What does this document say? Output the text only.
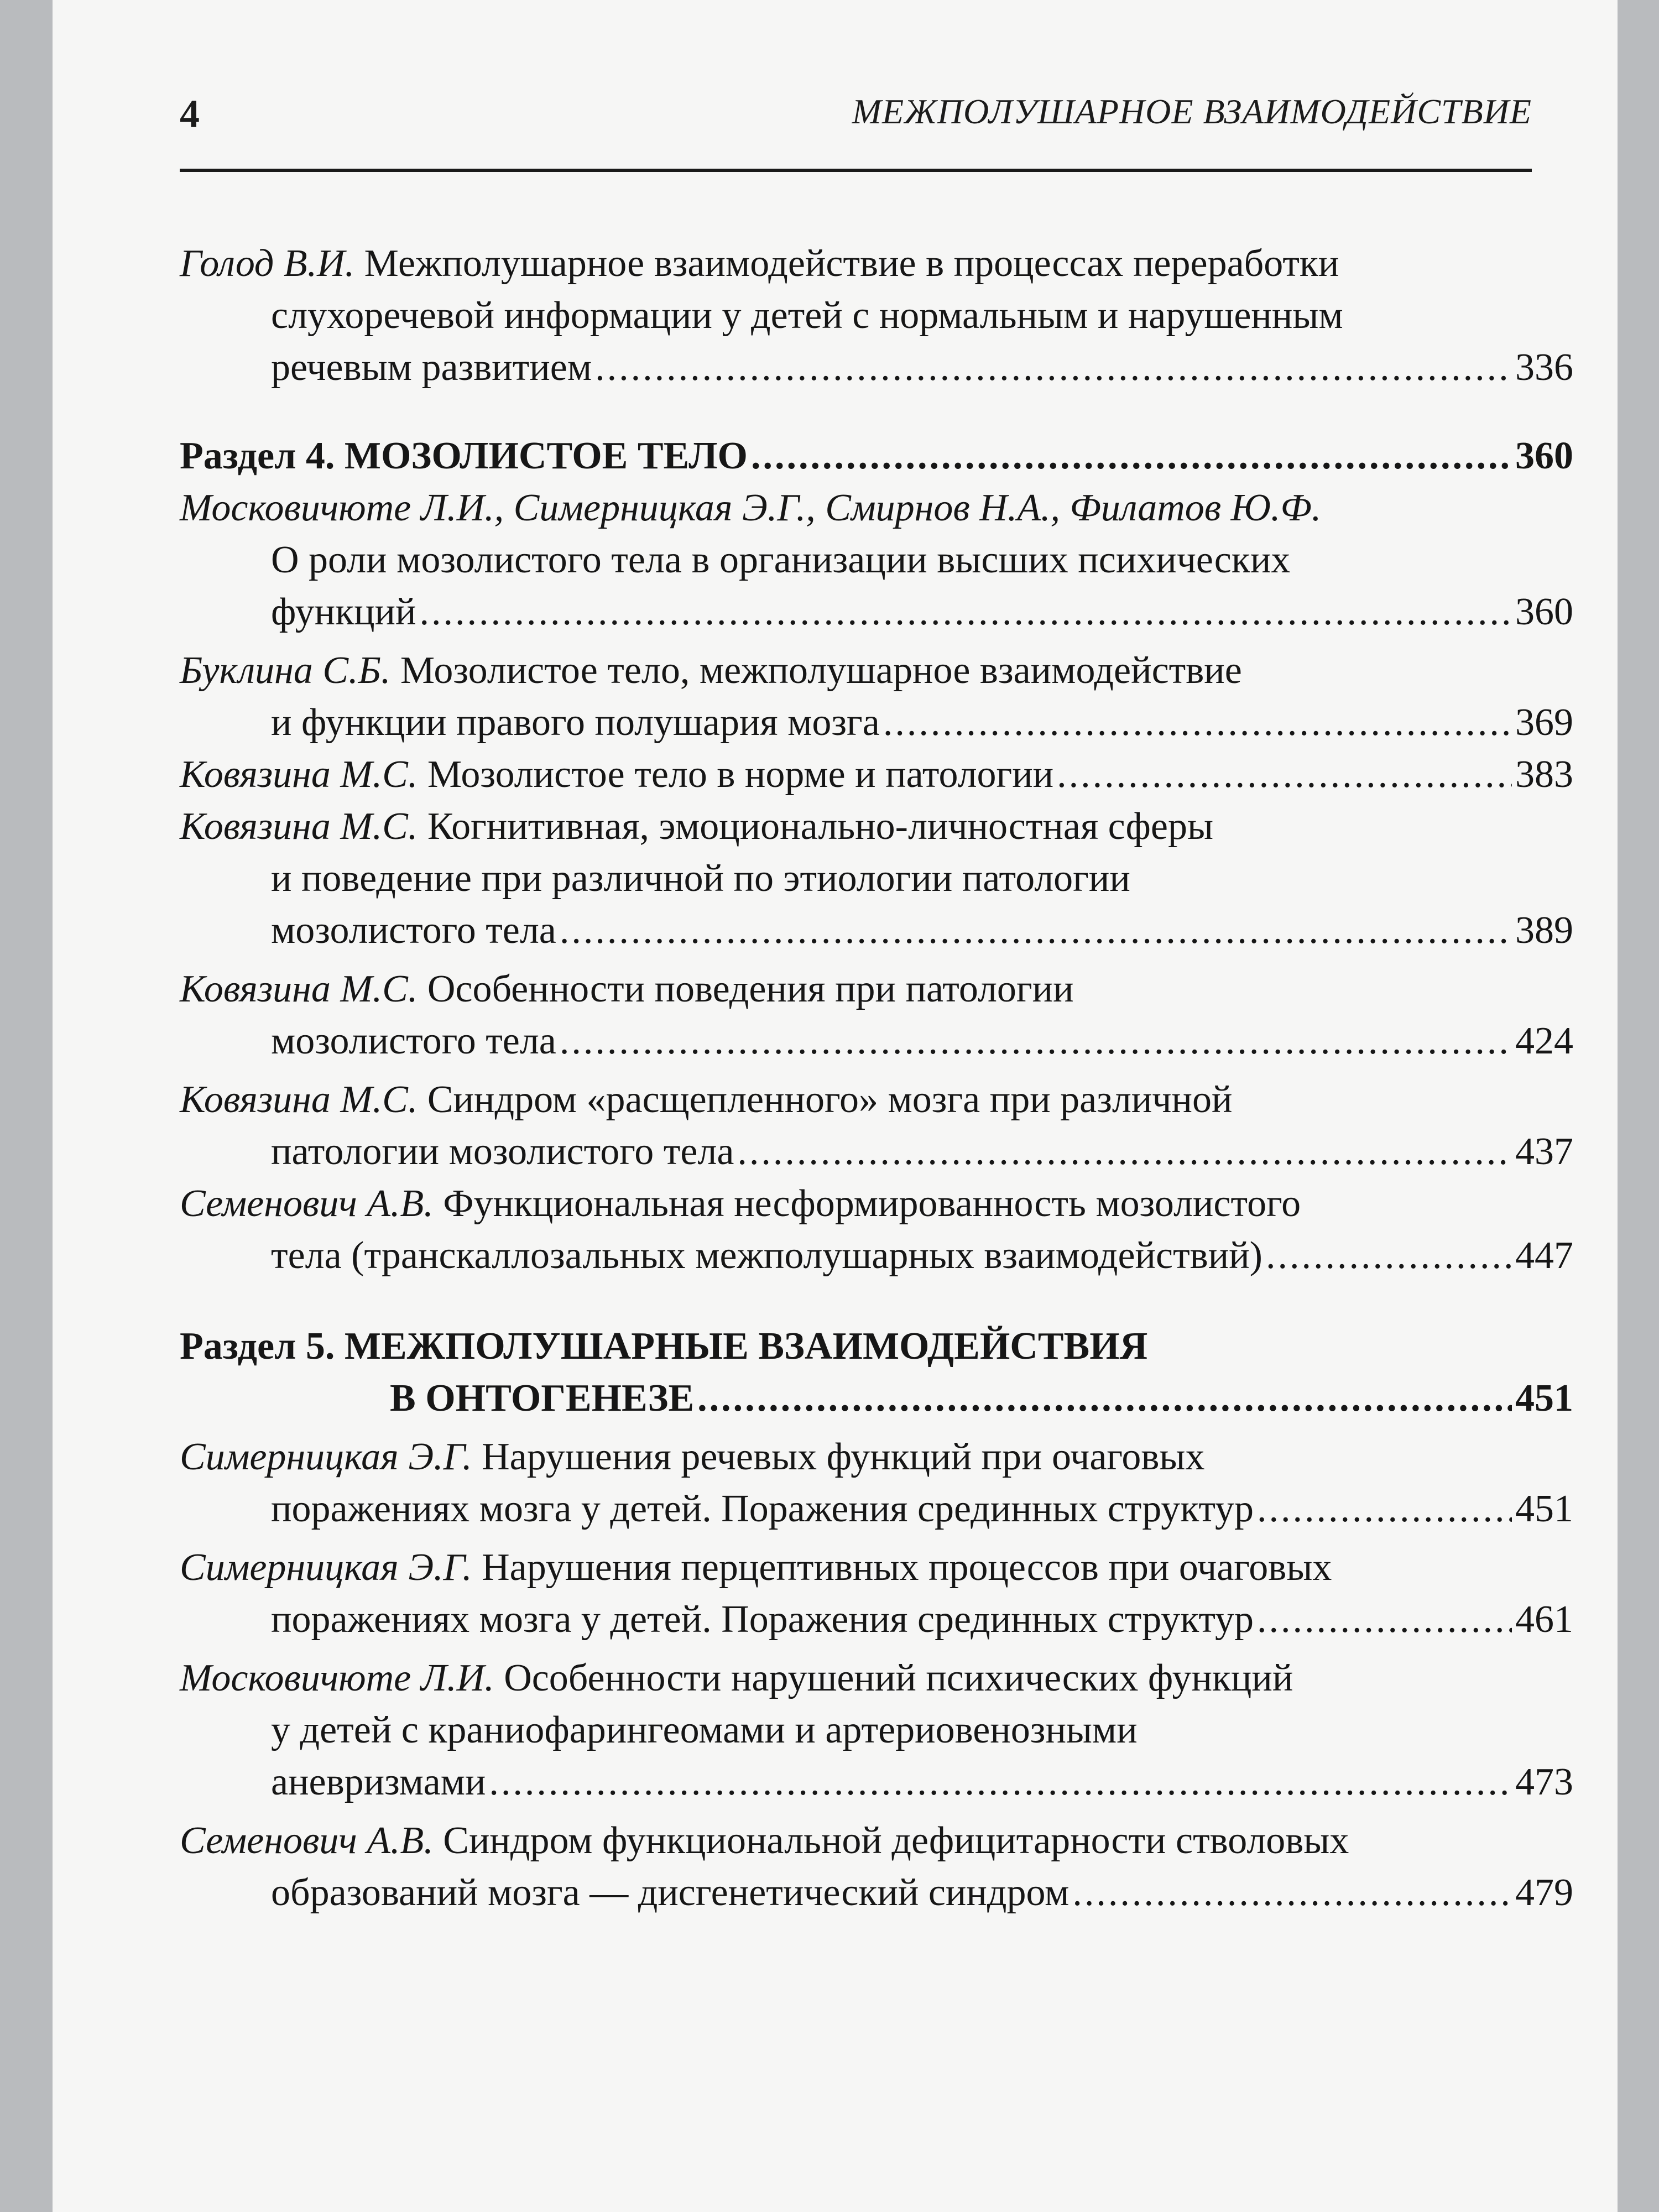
4	МЕЖПОЛУШАРНОЕ ВЗАИМОДЕЙСТВИЕ
Голод В.И. Межполушарное взаимодействие в процессах переработки
слухоречевой информации у детей с нормальным и нарушенным
речевым развитием .....	336
Раздел 4. МОЗОЛИСТОЕ ТЕЛО .....	360
Московичюте Л.И., Симерницкая Э.Г., Смирнов Н.А., Филатов Ю.Ф.
О роли мозолистого тела в организации высших психических
функций .....	360
Буклина С.Б. Мозолистое тело, межполушарное взаимодействие
и функции правого полушария мозга .....	369
Ковязина М.С. Мозолистое тело в норме и патологии .....	383
Ковязина М.С. Когнитивная, эмоционально-личностная сферы
и поведение при различной по этиологии патологии
мозолистого тела .....	389
Ковязина М.С. Особенности поведения при патологии
мозолистого тела .....	424
Ковязина М.С. Синдром «расщепленного» мозга при различной
патологии мозолистого тела .....	437
Семенович А.В. Функциональная несформированность мозолистого
тела (транскаллозальных межполушарных взаимодействий) .....	447
Раздел 5. МЕЖПОЛУШАРНЫЕ ВЗАИМОДЕЙСТВИЯ
В ОНТОГЕНЕЗЕ .....	451
Симерницкая Э.Г. Нарушения речевых функций при очаговых
поражениях мозга у детей. Поражения срединных структур .....	451
Симерницкая Э.Г. Нарушения перцептивных процессов при очаговых
поражениях мозга у детей. Поражения срединных структур .....	461
Московичюте Л.И. Особенности нарушений психических функций
у детей с краниофарингеомами и артериовенозными
аневризмами .....	473
Семенович А.В. Синдром функциональной дефицитарности стволовых
образований мозга — дисгенетический синдром .....	479
